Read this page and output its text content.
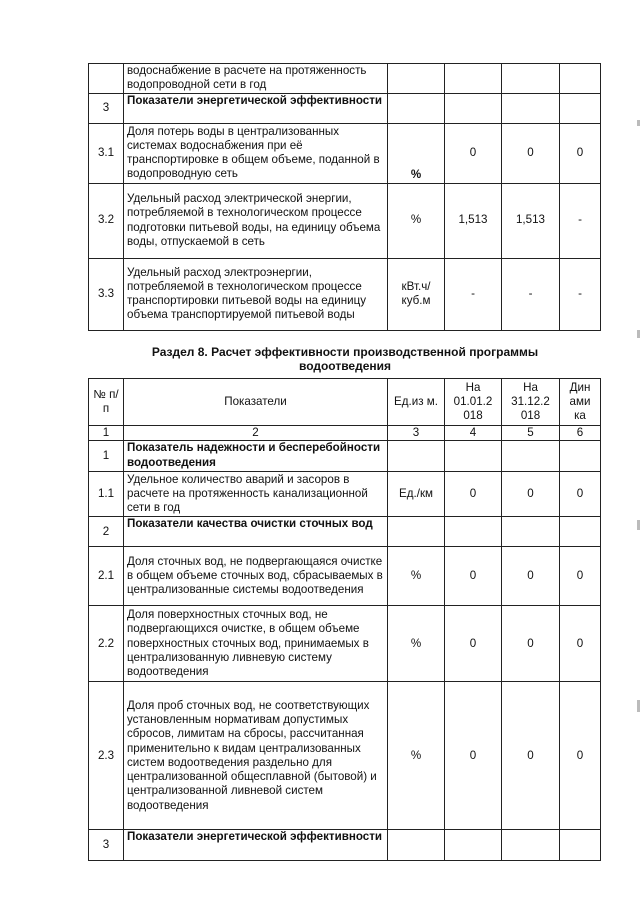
	водоснабжение в расчете на протяженность водопроводной сети в год				
3	Показатели энергетической эффективности				
3.1	Доля потерь воды в централизованных системах водоснабжения при её транспортировке в общем объеме, поданной в водопроводную сеть	%	0	0	0
3.2	Удельный расход электрической энергии, потребляемой в технологическом процессе подготовки питьевой воды, на единицу объема воды, отпускаемой в сеть	%	1,513	1,513	-
3.3	Удельный расход электроэнергии, потребляемой в технологическом процессе транспортировки питьевой воды на единицу объема транспортируемой питьевой воды	кВт.ч/ куб.м	-	-	-
Раздел 8. Расчет эффективности производственной программы водоотведения
№ п/п	Показатели	Ед.из м.	На 01.01.2 018	На 31.12.2 018	Дин ами ка
1	2	3	4	5	6
1	Показатель надежности и бесперебойности водоотведения				
1.1	Удельное количество аварий и засоров в расчете на протяженность канализационной сети в год	Ед./км	0	0	0
2	Показатели качества очистки сточных вод				
2.1	Доля сточных вод, не подвергающаяся очистке в общем объеме сточных вод, сбрасываемых в централизованные системы водоотведения	%	0	0	0
2.2	Доля поверхностных сточных вод, не подвергающихся очистке, в общем объеме поверхностных сточных вод, принимаемых в централизованную ливневую систему водоотведения	%	0	0	0
2.3	Доля проб сточных вод, не соответствующих установленным нормативам допустимых сбросов, лимитам на сбросы, рассчитанная применительно к видам централизованных систем водоотведения раздельно для централизованной общесплавной (бытовой) и централизованной ливневой систем водоотведения	%	0	0	0
3	Показатели энергетической эффективности				
